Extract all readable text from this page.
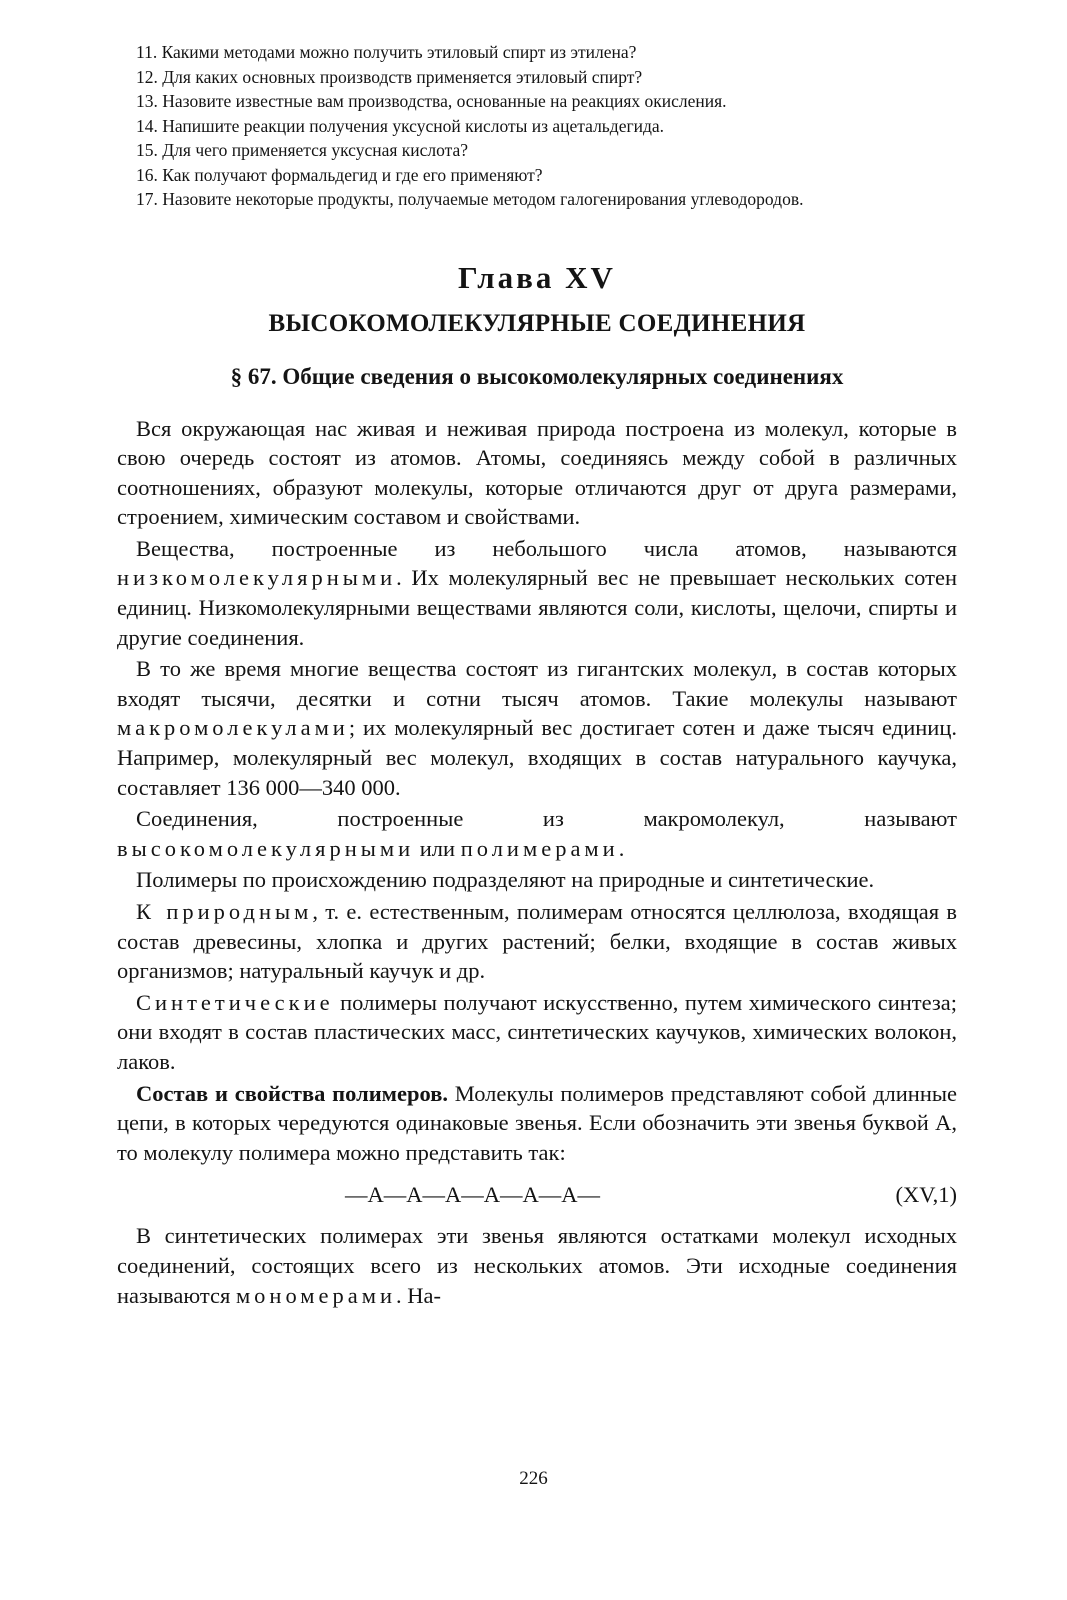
11. Какими методами можно получить этиловый спирт из этилена?
12. Для каких основных производств применяется этиловый спирт?
13. Назовите известные вам производства, основанные на реакциях окисления.
14. Напишите реакции получения уксусной кислоты из ацетальдегида.
15. Для чего применяется уксусная кислота?
16. Как получают формальдегид и где его применяют?
17. Назовите некоторые продукты, получаемые методом галогенирования углеводородов.
Глава XV
ВЫСОКОМОЛЕКУЛЯРНЫЕ СОЕДИНЕНИЯ
§ 67. Общие сведения о высокомолекулярных соединениях

Вся окружающая нас живая и неживая природа построена из молекул, которые в свою очередь состоят из атомов. Атомы, соединяясь между собой в различных соотношениях, образуют молекулы, которые отличаются друг от друга размерами, строением, химическим составом и свойствами.

Вещества, построенные из небольшого числа атомов, называются низкомолекулярными. Их молекулярный вес не превышает нескольких сотен единиц. Низкомолекулярными веществами являются соли, кислоты, щелочи, спирты и другие соединения.

В то же время многие вещества состоят из гигантских молекул, в состав которых входят тысячи, десятки и сотни тысяч атомов. Такие молекулы называют макромолекулами; их молекулярный вес достигает сотен и даже тысяч единиц. Например, молекулярный вес молекул, входящих в состав натурального каучука, составляет 136 000—340 000.

Соединения, построенные из макромолекул, называют высокомолекулярными или полимерами.

Полимеры по происхождению подразделяют на природные и синтетические.

К природным, т. е. естественным, полимерам относятся целлюлоза, входящая в состав древесины, хлопка и других растений; белки, входящие в состав живых организмов; натуральный каучук и др.

Синтетические полимеры получают искусственно, путем химического синтеза; они входят в состав пластических масс, синтетических каучуков, химических волокон, лаков.

Состав и свойства полимеров. Молекулы полимеров представляют собой длинные цепи, в которых чередуются одинаковые звенья. Если обозначить эти звенья буквой А, то молекулу полимера можно представить так:

—А—А—А—А—А—А—	(XV,1)

В синтетических полимерах эти звенья являются остатками молекул исходных соединений, состоящих всего из нескольких атомов. Эти исходные соединения называются мономерами. На-

226
